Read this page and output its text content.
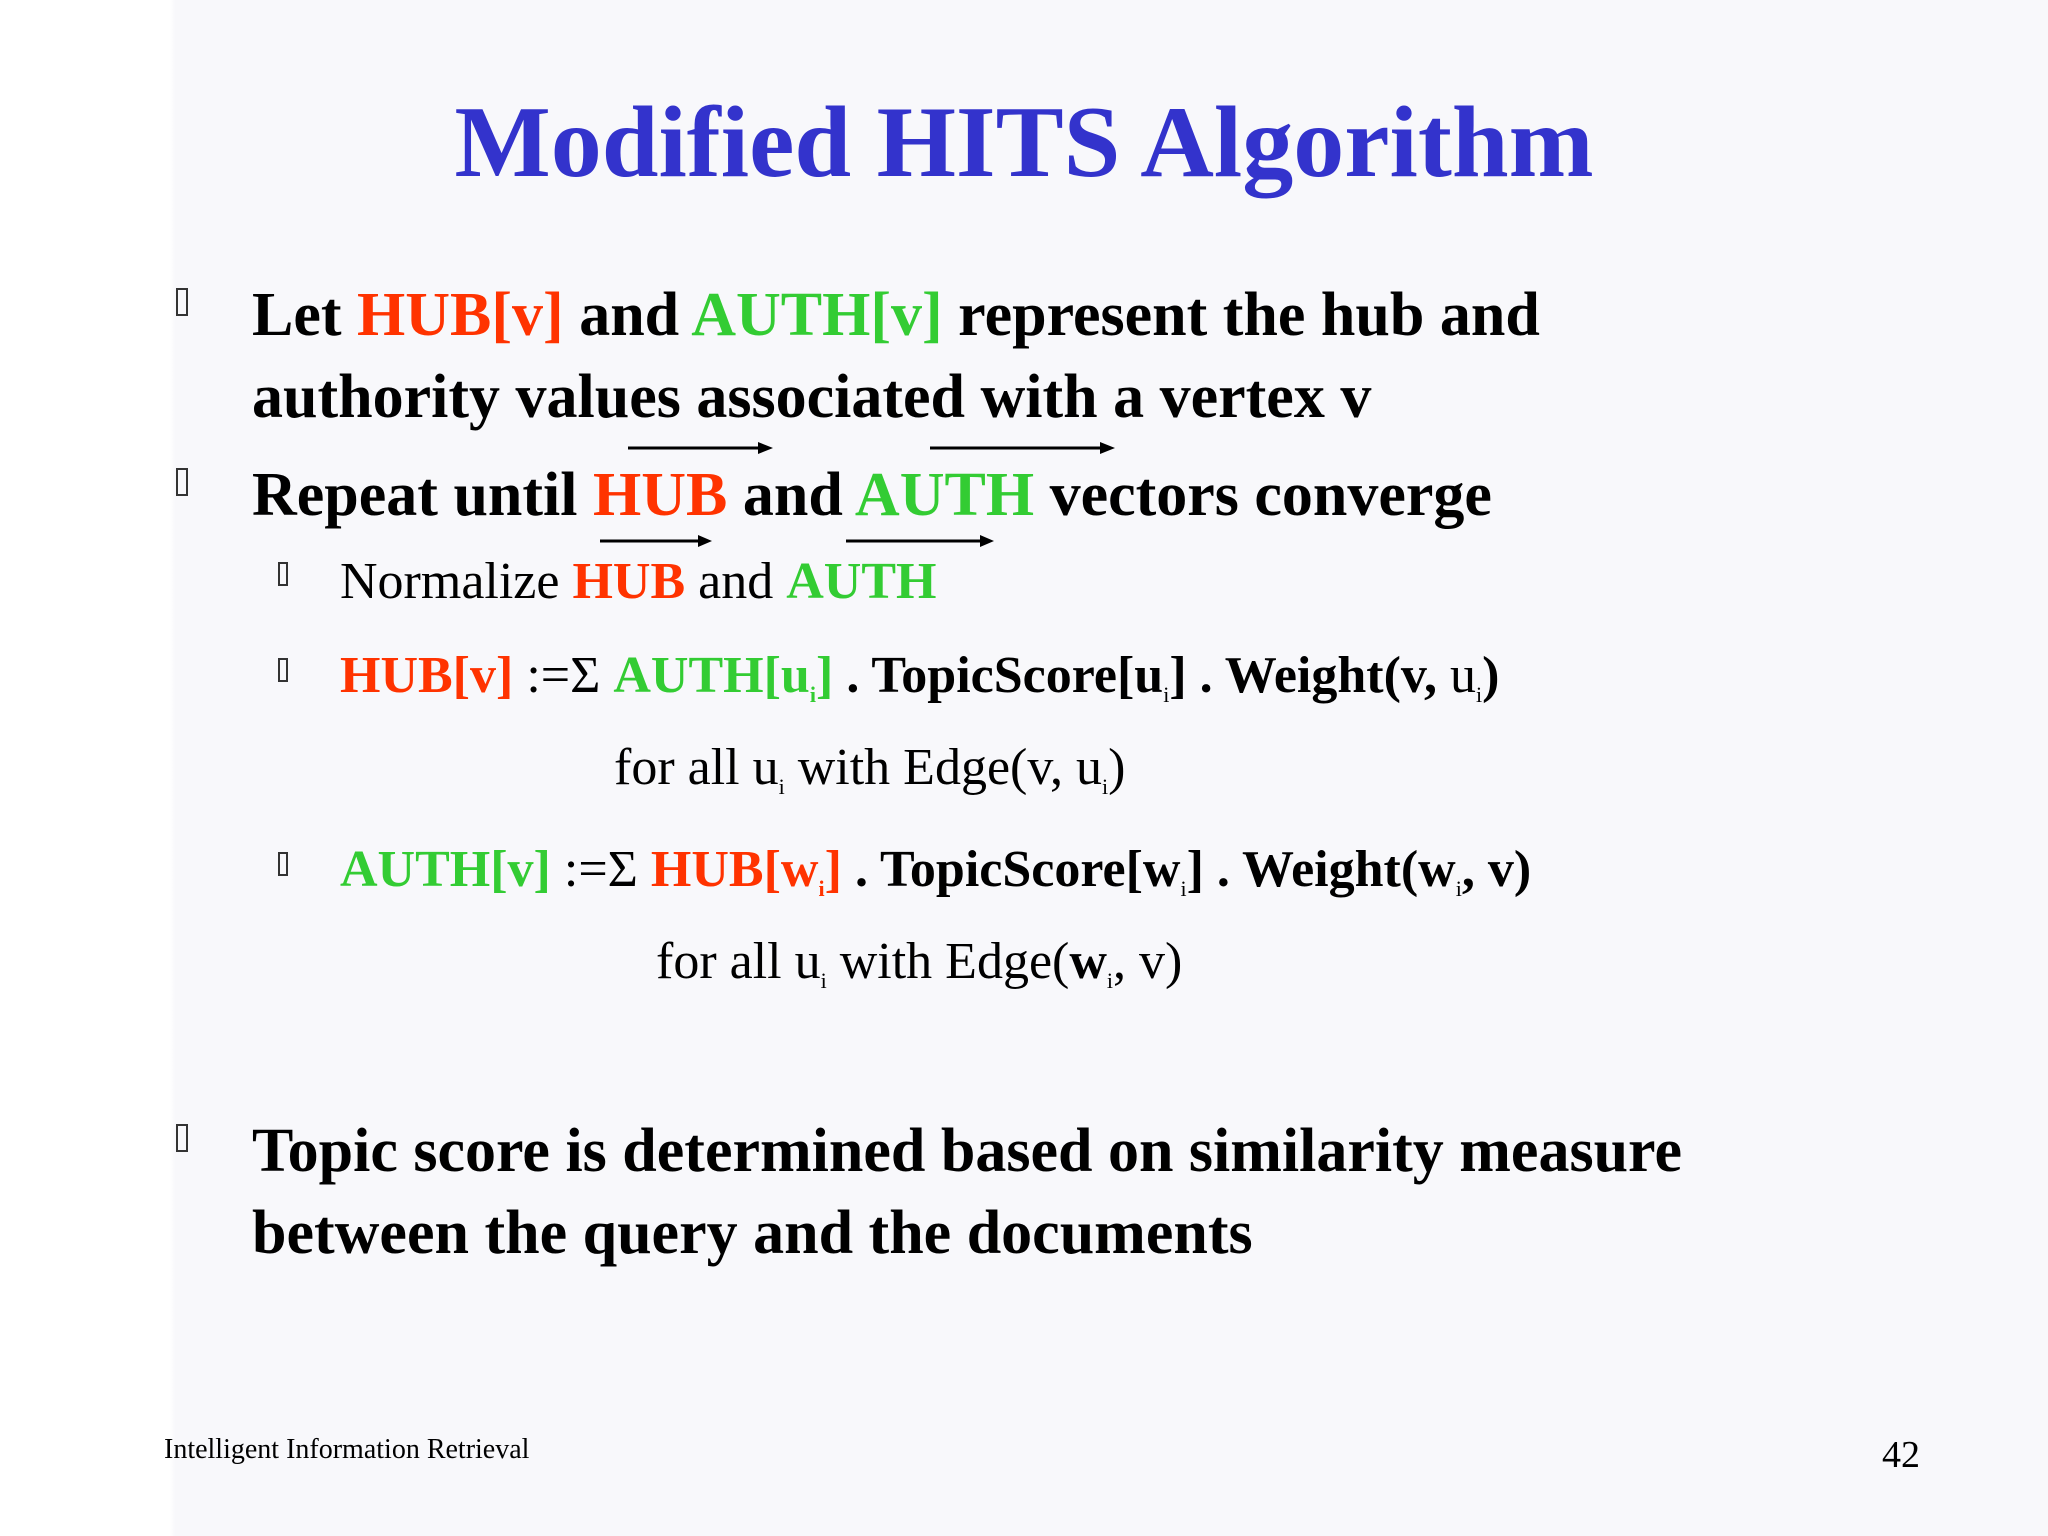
Modified HITS Algorithm
Let HUB[v] and AUTH[v] represent the hub and
authority values associated with a vertex v
Repeat until HUB and AUTH vectors converge
Normalize HUB and AUTH
HUB[v] :=Σ $AUTH[u_i]$ . $TopicScore[u_i]$ . Weight(v, $u_i$)
for all $u_i$ with Edge(v, $u_i$)
AUTH[v] :=Σ $HUB[w_i]$ . $TopicScore[w_i]$ . $Weight(w_i$, v)
for all $u_i$ with $Edge(w_i$, v)
Topic score is determined based on similarity measure
between the query and the documents
Intelligent Information Retrieval	42
